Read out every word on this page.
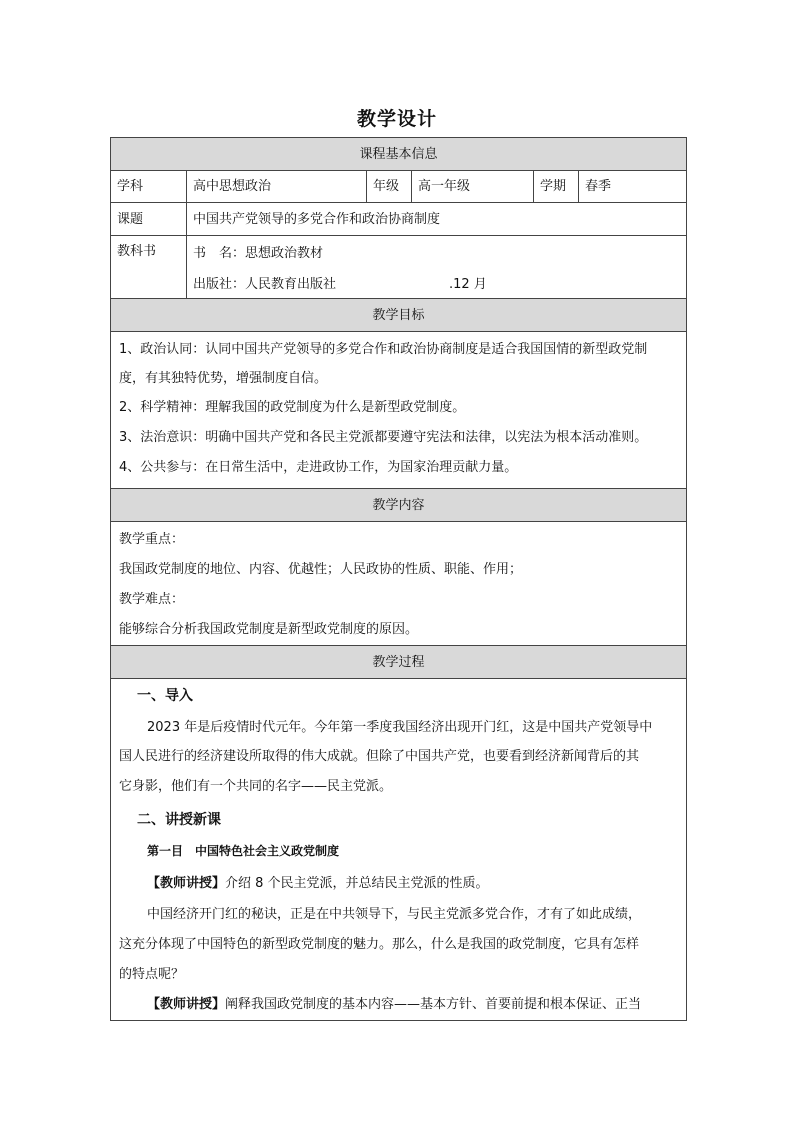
教学设计
课程基本信息
学科	高中思想政治	年级	高一年级	学期	春季
课题	中国共产党领导的多党合作和政治协商制度
教科书	书　名：思想政治教材
出版社：人民教育出版社	.12 月
教学目标
1、政治认同：认同中国共产党领导的多党合作和政治协商制度是适合我国国情的新型政党制
度，有其独特优势，增强制度自信。
2、科学精神：理解我国的政党制度为什么是新型政党制度。
3、法治意识：明确中国共产党和各民主党派都要遵守宪法和法律，以宪法为根本活动准则。
4、公共参与：在日常生活中，走进政协工作，为国家治理贡献力量。
教学内容
教学重点：
我国政党制度的地位、内容、优越性；人民政协的性质、职能、作用；
教学难点：
能够综合分析我国政党制度是新型政党制度的原因。
教学过程
一、导入
2023 年是后疫情时代元年。今年第一季度我国经济出现开门红，这是中国共产党领导中
国人民进行的经济建设所取得的伟大成就。但除了中国共产党，也要看到经济新闻背后的其
它身影，他们有一个共同的名字——民主党派。
二、讲授新课
第一目　中国特色社会主义政党制度
【教师讲授】介绍 8 个民主党派，并总结民主党派的性质。
中国经济开门红的秘诀，正是在中共领导下，与民主党派多党合作，才有了如此成绩，
这充分体现了中国特色的新型政党制度的魅力。那么，什么是我国的政党制度，它具有怎样
的特点呢？
【教师讲授】阐释我国政党制度的基本内容——基本方针、首要前提和根本保证、正当
